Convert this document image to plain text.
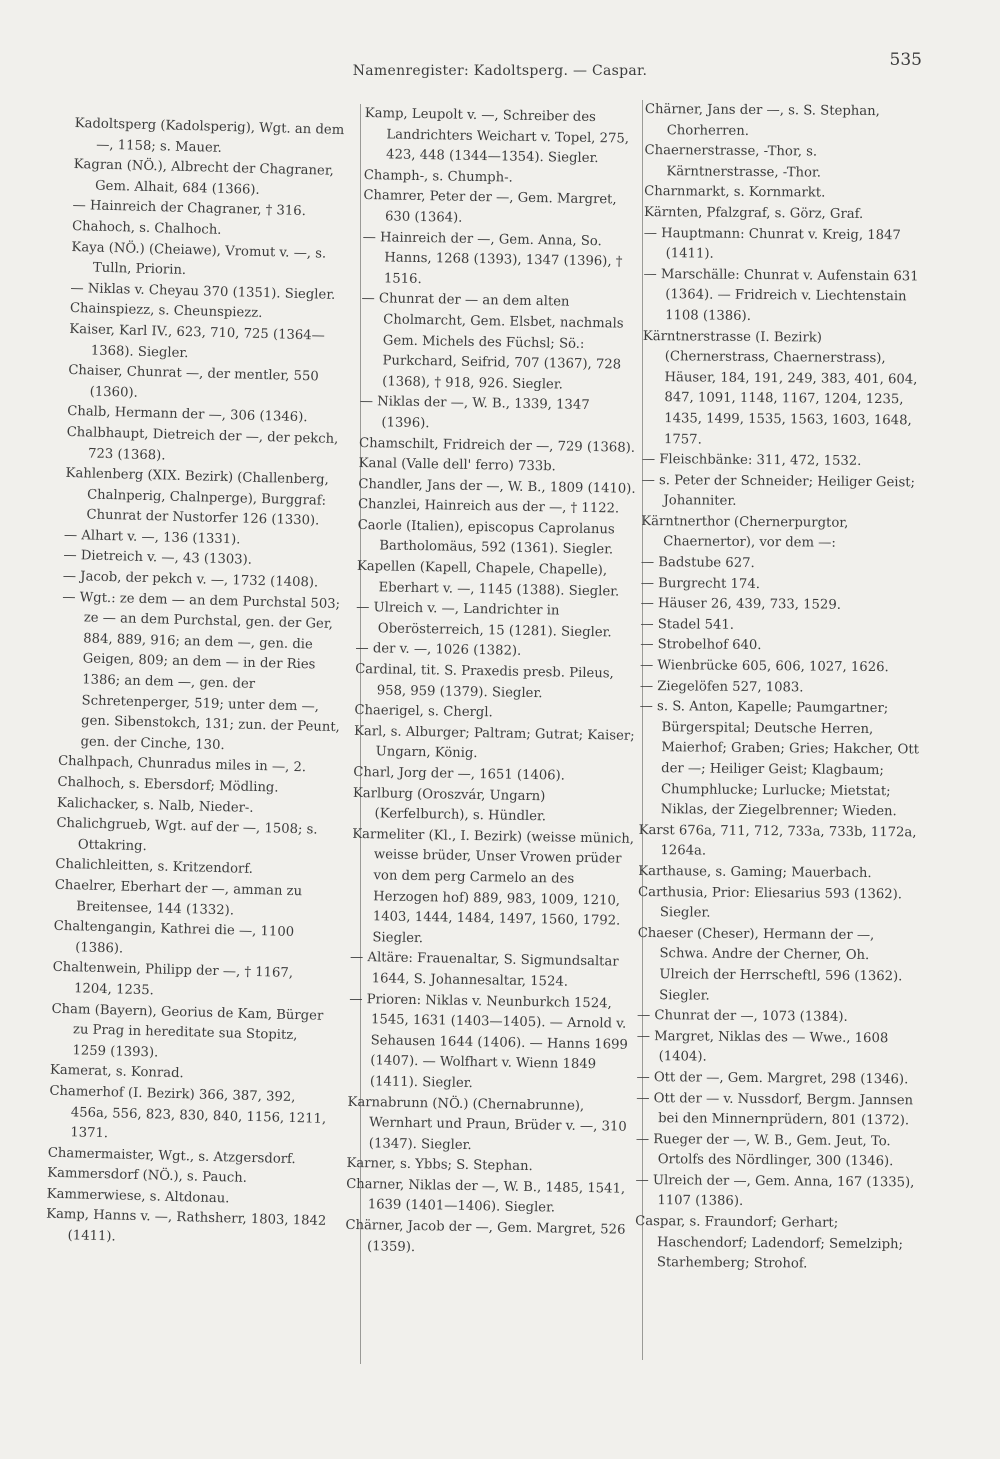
Namenregister: Kadoltsperg. — Caspar.
535

Kadoltsperg (Kadolsperig), Wgt. an dem —, 1158; s. Mauer.

Kagran (NÖ.), Albrecht der Chagraner, Gem. Alhait, 684 (1366).

— Hainreich der Chagraner, † 316.

Chahoch, s. Chalhoch.

Kaya (NÖ.) (Cheiawe), Vromut v. —, s. Tulln, Priorin.

— Niklas v. Cheyau 370 (1351). Siegler.

Chainspiezz, s. Cheunspiezz.

Kaiser, Karl IV., 623, 710, 725 (1364—1368). Siegler.

Chaiser, Chunrat —, der mentler, 550 (1360).

Chalb, Hermann der —, 306 (1346).

Chalbhaupt, Dietreich der —, der pekch, 723 (1368).

Kahlenberg (XIX. Bezirk) (Challenberg, Chalnperig, Chalnperge), Burggraf: Chunrat der Nustorfer 126 (1330).

— Alhart v. —, 136 (1331).

— Dietreich v. —, 43 (1303).

— Jacob, der pekch v. —, 1732 (1408).

— Wgt.: ze dem — an dem Purchstal 503; ze — an dem Purchstal, gen. der Ger, 884, 889, 916; an dem —, gen. die Geigen, 809; an dem — in der Ries 1386; an dem —, gen. der Schretenperger, 519; unter dem —, gen. Sibenstokch, 131; zun. der Peunt, gen. der Cinche, 130.

Chalhpach, Chunradus miles in —, 2.

Chalhoch, s. Ebersdorf; Mödling.

Kalichacker, s. Nalb, Nieder-.

Chalichgrueb, Wgt. auf der —, 1508; s. Ottakring.

Chalichleitten, s. Kritzendorf.

Chaelrer, Eberhart der —, amman zu Breitensee, 144 (1332).

Chaltengangin, Kathrei die —, 1100 (1386).

Chaltenwein, Philipp der —, † 1167, 1204, 1235.

Cham (Bayern), Georius de Kam, Bürger zu Prag in hereditate sua Stopitz, 1259 (1393).

Kamerat, s. Konrad.

Chamerhof (I. Bezirk) 366, 387, 392, 456a, 556, 823, 830, 840, 1156, 1211, 1371.

Chamermaister, Wgt., s. Atzgersdorf.

Kammersdorf (NÖ.), s. Pauch.

Kammerwiese, s. Altdonau.

Kamp, Hanns v. —, Rathsherr, 1803, 1842 (1411).

Kamp, Leupolt v. —, Schreiber des Landrichters Weichart v. Topel, 275, 423, 448 (1344—1354). Siegler.

Champh-, s. Chumph-.

Chamrer, Peter der —, Gem. Margret, 630 (1364).

— Hainreich der —, Gem. Anna, So. Hanns, 1268 (1393), 1347 (1396), † 1516.

— Chunrat der — an dem alten Cholmarcht, Gem. Elsbet, nachmals Gem. Michels des Füchsl; Sö.: Purkchard, Seifrid, 707 (1367), 728 (1368), † 918, 926. Siegler.

— Niklas der —, W. B., 1339, 1347 (1396).

Chamschilt, Fridreich der —, 729 (1368).

Kanal (Valle dell' ferro) 733b.

Chandler, Jans der —, W. B., 1809 (1410).

Chanzlei, Hainreich aus der —, † 1122.

Caorle (Italien), episcopus Caprolanus Bartholomäus, 592 (1361). Siegler.

Kapellen (Kapell, Chapele, Chapelle), Eberhart v. —, 1145 (1388). Siegler.

— Ulreich v. —, Landrichter in Oberösterreich, 15 (1281). Siegler.

— der v. —, 1026 (1382).

Cardinal, tit. S. Praxedis presb. Pileus, 958, 959 (1379). Siegler.

Chaerigel, s. Chergl.

Karl, s. Alburger; Paltram; Gutrat; Kaiser; Ungarn, König.

Charl, Jorg der —, 1651 (1406).

Karlburg (Oroszvár, Ungarn) (Kerfelburch), s. Hündler.

Karmeliter (Kl., I. Bezirk) (weisse münich, weisse brüder, Unser Vrowen prüder von dem perg Carmelo an des Herzogen hof) 889, 983, 1009, 1210, 1403, 1444, 1484, 1497, 1560, 1792. Siegler.

— Altäre: Frauenaltar, S. Sigmundsaltar 1644, S. Johannesaltar, 1524.

— Prioren: Niklas v. Neunburkch 1524, 1545, 1631 (1403—1405). — Arnold v. Sehausen 1644 (1406). — Hanns 1699 (1407). — Wolfhart v. Wienn 1849 (1411). Siegler.

Karnabrunn (NÖ.) (Chernabrunne), Wernhart und Praun, Brüder v. —, 310 (1347). Siegler.

Karner, s. Ybbs; S. Stephan.

Charner, Niklas der —, W. B., 1485, 1541, 1639 (1401—1406). Siegler.

Chärner, Jacob der —, Gem. Margret, 526 (1359).

Chärner, Jans der —, s. S. Stephan, Chorherren.

Chaernerstrasse, -Thor, s. Kärntnerstrasse, -Thor.

Charnmarkt, s. Kornmarkt.

Kärnten, Pfalzgraf, s. Görz, Graf.

— Hauptmann: Chunrat v. Kreig, 1847 (1411).

— Marschälle: Chunrat v. Aufenstain 631 (1364). — Fridreich v. Liechtenstain 1108 (1386).

Kärntnerstrasse (I. Bezirk) (Chernerstrass, Chaernerstrass), Häuser, 184, 191, 249, 383, 401, 604, 847, 1091, 1148, 1167, 1204, 1235, 1435, 1499, 1535, 1563, 1603, 1648, 1757.

— Fleischbänke: 311, 472, 1532.

— s. Peter der Schneider; Heiliger Geist; Johanniter.

Kärntnerthor (Chernerpurgtor, Chaernertor), vor dem —:

— Badstube 627.

— Burgrecht 174.

— Häuser 26, 439, 733, 1529.

— Stadel 541.

— Strobelhof 640.

— Wienbrücke 605, 606, 1027, 1626.

— Ziegelöfen 527, 1083.

— s. S. Anton, Kapelle; Paumgartner; Bürgerspital; Deutsche Herren, Maierhof; Graben; Gries; Hakcher, Ott der —; Heiliger Geist; Klagbaum; Chumphlucke; Lurlucke; Mietstat; Niklas, der Ziegelbrenner; Wieden.

Karst 676a, 711, 712, 733a, 733b, 1172a, 1264a.

Karthause, s. Gaming; Mauerbach.

Carthusia, Prior: Eliesarius 593 (1362). Siegler.

Chaeser (Cheser), Hermann der —, Schwa. Andre der Cherner, Oh. Ulreich der Herrscheftl, 596 (1362). Siegler.

— Chunrat der —, 1073 (1384).

— Margret, Niklas des — Wwe., 1608 (1404).

— Ott der —, Gem. Margret, 298 (1346).

— Ott der — v. Nussdorf, Bergm. Jannsen bei den Minnernprüdern, 801 (1372).

— Rueger der —, W. B., Gem. Jeut, To. Ortolfs des Nördlinger, 300 (1346).

— Ulreich der —, Gem. Anna, 167 (1335), 1107 (1386).

Caspar, s. Fraundorf; Gerhart; Haschendorf; Ladendorf; Semelziph; Starhemberg; Strohof.
